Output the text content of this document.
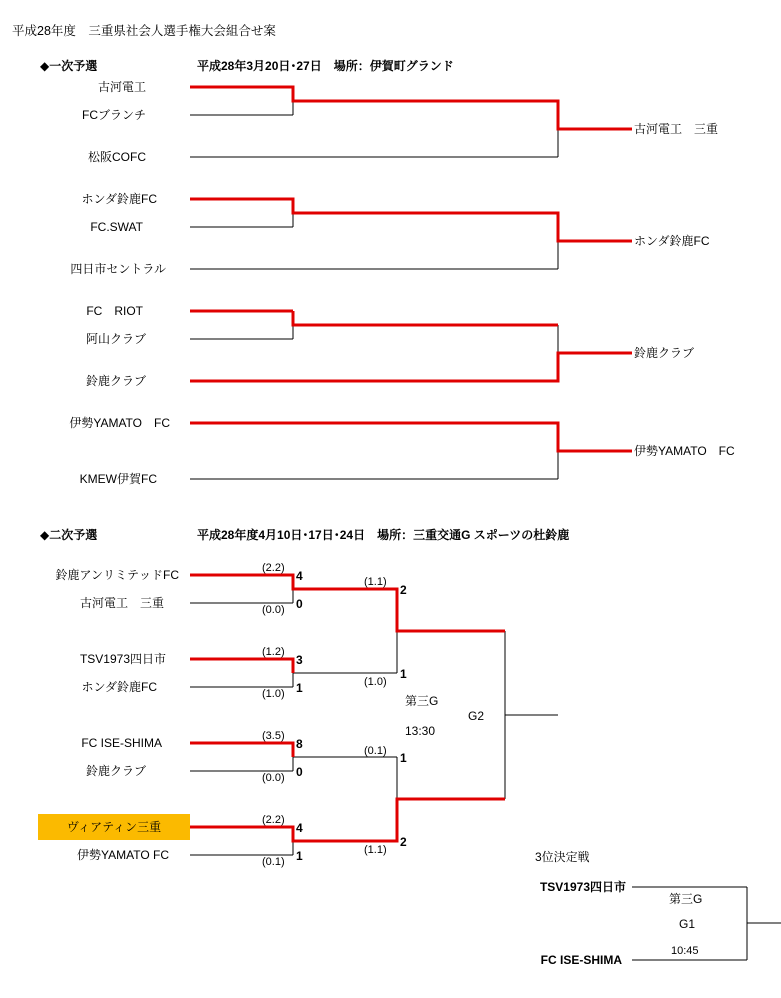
平成28年度　三重県社会人選手権大会組合せ案
◆一次予選	平成28年3月20日･27日　場所：伊賀町グランド
古河電工
FCブランチ
松阪COFC
ホンダ鈴鹿FC
FC.SWAT
四日市セントラル
FC　RIOT
阿山クラブ
鈴鹿クラブ
伊勢YAMATO　FC
KMEW伊賀FC
古河電工　三重
ホンダ鈴鹿FC
鈴鹿クラブ
伊勢YAMATO　FC
◆二次予選	平成28年度4月10日･17日･24日　場所：三重交通G スポーツの杜鈴鹿
鈴鹿アンリミテッドFC
古河電工　三重
TSV1973四日市
ホンダ鈴鹿FC
FC ISE-SHIMA
鈴鹿クラブ
ヴィアティン三重
伊勢YAMATO FC
(2.2)
(0.0)
(1.2)
(1.0)
(3.5)
(0.0)
(2.2)
(0.1)
4
0
3
1
8
0
4
1
(1.1)
(1.0)
(0.1)
(1.1)
2
1
1
2
第三G
13:30
G2
3位決定戦
TSV1973四日市
FC ISE-SHIMA
第三G
G1
10:45
